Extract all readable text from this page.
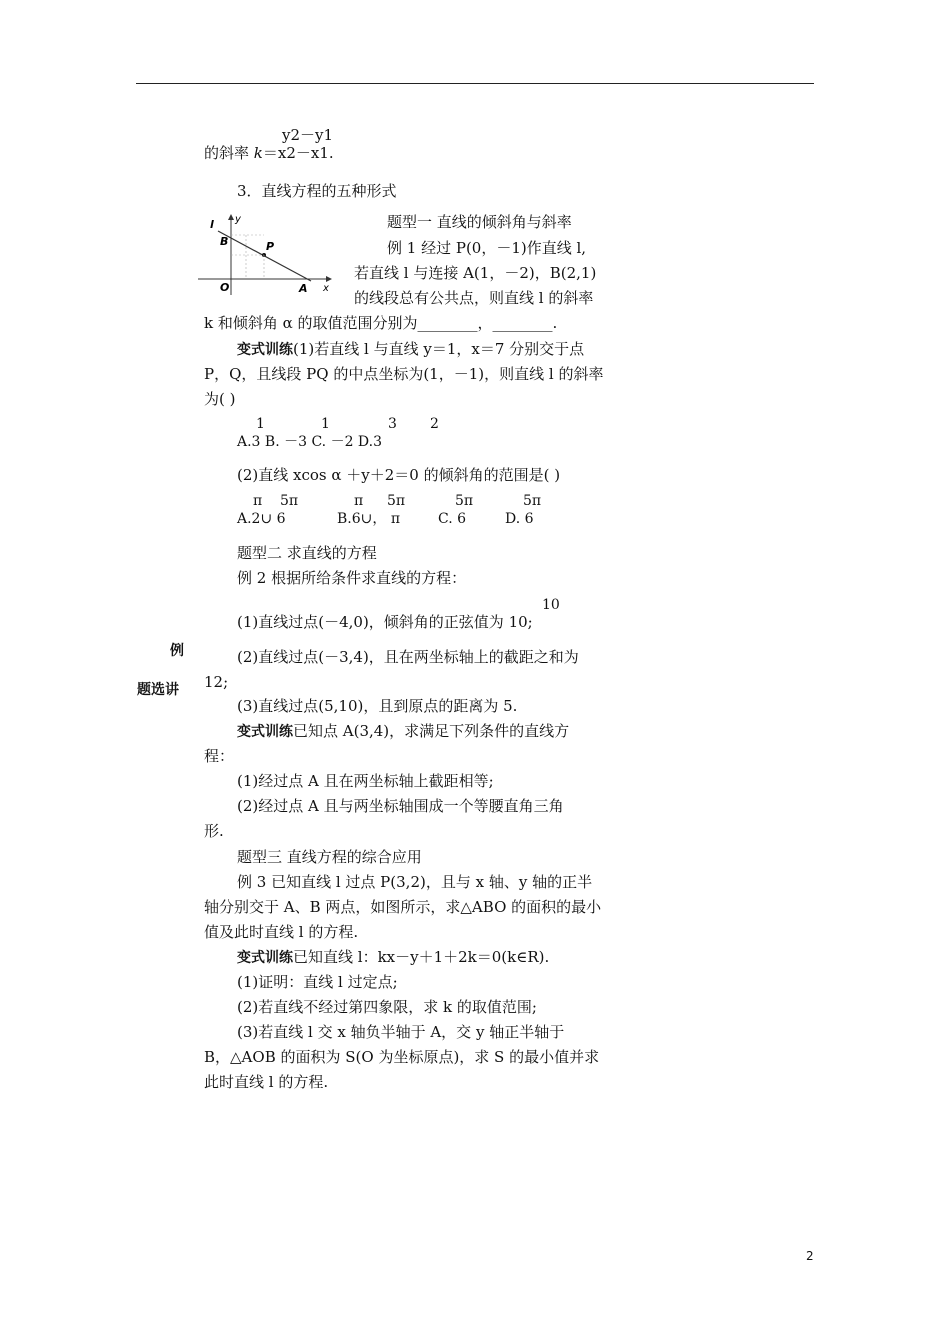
y2－y1
的斜率 k＝x2－x1.
3．直线方程的五种形式
l y
B	P
O	A x
题型一 直线的倾斜角与斜率
例 1 经过 P(0，－1)作直线 l,
若直线 l 与连接 A(1，－2)，B(2,1)
的线段总有公共点，则直线 l 的斜率
k 和倾斜角 α 的取值范围分别为________，________.
变式训练(1)若直线 l 与直线 y＝1，x＝7 分别交于点
P，Q，且线段 PQ 的中点坐标为(1，－1)，则直线 l 的斜率
为( )
1	1	3 2
A.3 B. －3 C. －2 D.3
(2)直线 xcos α ＋y＋2＝0 的倾斜角的范围是( )
π 5π	π 5π	5π	5π
A.2∪ 6	B.6∪， π	C. 6	D. 6
题型二 求直线的方程
例 2 根据所给条件求直线的方程：
10
(1)直线过点(－4,0)，倾斜角的正弦值为 10;
(2)直线过点(－3,4)，且在两坐标轴上的截距之和为
12;
(3)直线过点(5,10)，且到原点的距离为 5.
变式训练已知点 A(3,4)，求满足下列条件的直线方
程：
(1)经过点 A 且在两坐标轴上截距相等;
(2)经过点 A 且与两坐标轴围成一个等腰直角三角
形.
例
题选讲
题型三 直线方程的综合应用
例 3 已知直线 l 过点 P(3,2)，且与 x 轴、y 轴的正半
轴分别交于 A、B 两点，如图所示，求△ABO 的面积的最小
值及此时直线 l 的方程.
变式训练已知直线 l：kx－y＋1＋2k＝0(k∈R).
(1)证明：直线 l 过定点;
(2)若直线不经过第四象限，求 k 的取值范围;
(3)若直线 l 交 x 轴负半轴于 A，交 y 轴正半轴于
B，△AOB 的面积为 S(O 为坐标原点)，求 S 的最小值并求
此时直线 l 的方程.
2
